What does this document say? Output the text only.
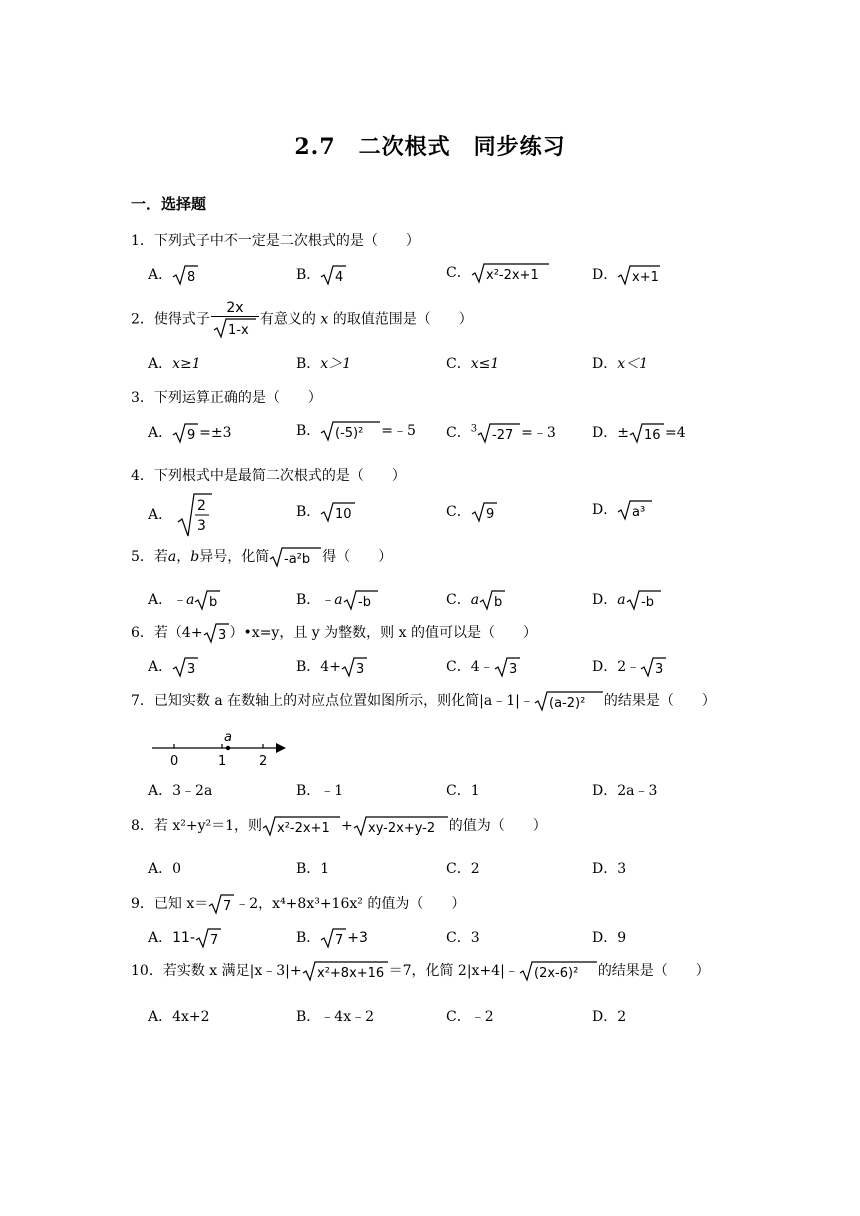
2.7　二次根式　同步练习
一．选择题
1．下列式子中不一定是二次根式的是（　　）
A． 8	B． 4	C． x²-2x+1	D． x+1
2．使得式子 $\frac{2x}{1-x}$ 有意义的 x 的取值范围是（　　）
A．x≥1	B．x＞1	C．x≤1	D．x＜1
3．下列运算正确的是（　　）
A． 9 =±3	B． (-5)² =﹣5 C．$^3$ -27 =﹣3	D．± 16 =4
4．下列根式中是最简二次根式的是（　　）
A．
2
3
B． 10	C． 9	D． a³
5．若a，b异号，化简 -a²b 得（　　）
A．﹣a b	B．﹣a -b	C．a b	D．a -b
6．若（4+ 3 ）•x=y，且 y 为整数，则 x 的值可以是（　　）
A． 3	B．4+ 3	C．4﹣ 3	D．2﹣ 3
7．已知实数 a 在数轴上的对应点位置如图所示，则化简|a﹣1|﹣ (a-2)² 的结果是（　　）
a
0	1	2
A．3﹣2a	B．﹣1	C．1	D．2a﹣3
8．若 x²+y²＝1，则 x²-2x+1 + xy-2x+y-2 的值为（　　）
A．0	B．1	C．2	D．3
9．已知 x＝ 7 ﹣2，x⁴+8x³+16x² 的值为（　　）
A．11- 7	B． 7 +3	C．3	D．9
10．若实数 x 满足|x﹣3|+ x²+8x+16 ＝7，化简 2|x+4|﹣ (2x-6)² 的结果是（　　）
A．4x+2	B．﹣4x﹣2	C．﹣2	D．2
